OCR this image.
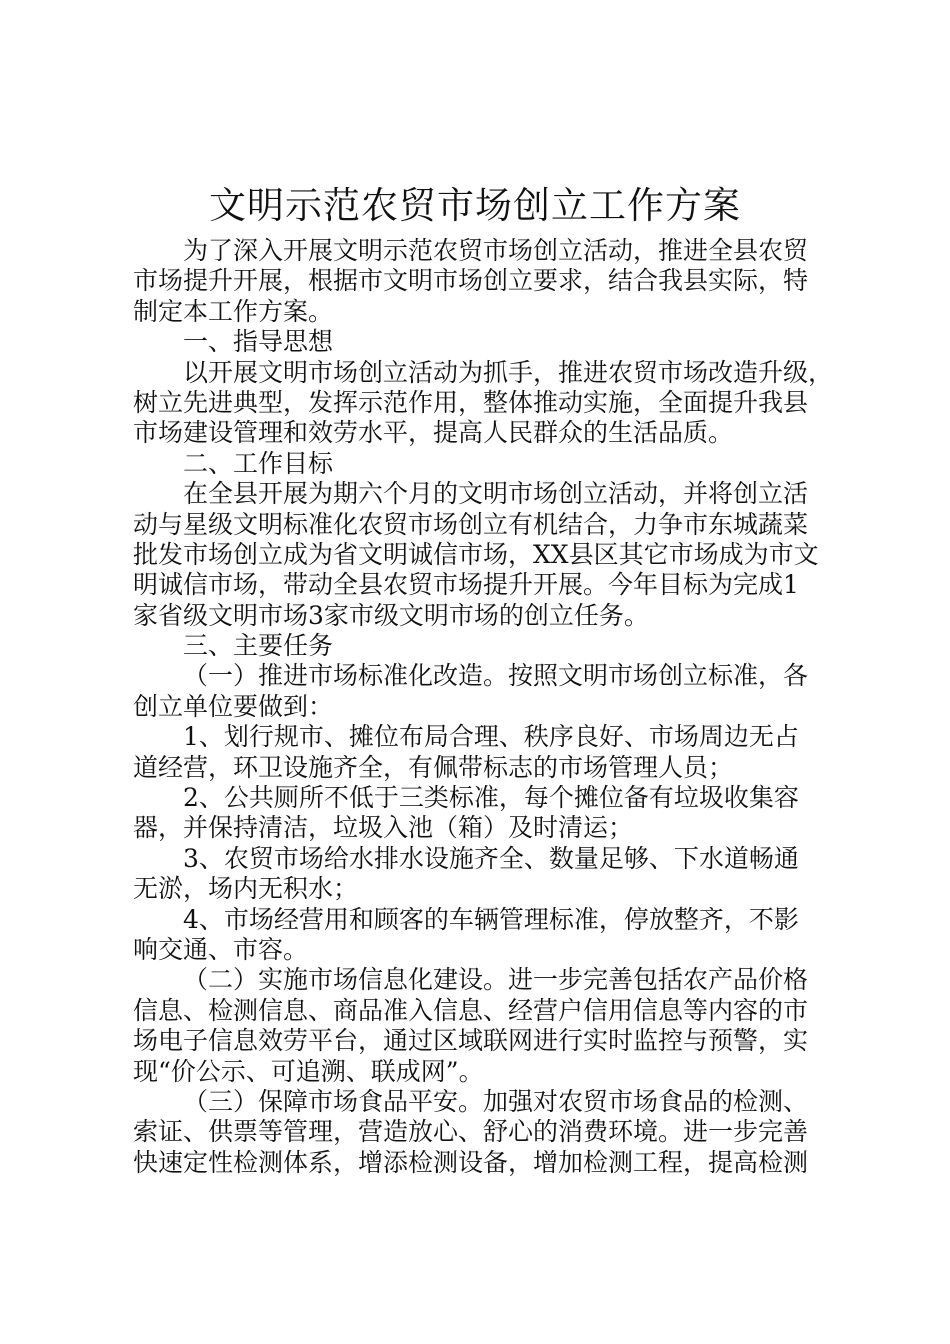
文明示范农贸市场创立工作方案
为了深入开展文明示范农贸市场创立活动，推进全县农贸
市场提升开展，根据市文明市场创立要求，结合我县实际，特
制定本工作方案。
一、指导思想
以开展文明市场创立活动为抓手，推进农贸市场改造升级，
树立先进典型，发挥示范作用，整体推动实施，全面提升我县
市场建设管理和效劳水平，提高人民群众的生活品质。
二、工作目标
在全县开展为期六个月的文明市场创立活动，并将创立活
动与星级文明标准化农贸市场创立有机结合，力争市东城蔬菜
批发市场创立成为省文明诚信市场，XX县区其它市场成为市文
明诚信市场，带动全县农贸市场提升开展。今年目标为完成1
家省级文明市场3家市级文明市场的创立任务。
三、主要任务
（一）推进市场标准化改造。按照文明市场创立标准，各
创立单位要做到：
1、划行规市、摊位布局合理、秩序良好、市场周边无占
道经营，环卫设施齐全，有佩带标志的市场管理人员；
2、公共厕所不低于三类标准，每个摊位备有垃圾收集容
器，并保持清洁，垃圾入池（箱）及时清运；
3、农贸市场给水排水设施齐全、数量足够、下水道畅通
无淤，场内无积水；
4、市场经营用和顾客的车辆管理标准，停放整齐，不影
响交通、市容。
（二）实施市场信息化建设。进一步完善包括农产品价格
信息、检测信息、商品准入信息、经营户信用信息等内容的市
场电子信息效劳平台，通过区域联网进行实时监控与预警，实
现“价公示、可追溯、联成网”。
（三）保障市场食品平安。加强对农贸市场食品的检测、
索证、供票等管理，营造放心、舒心的消费环境。进一步完善
快速定性检测体系，增添检测设备，增加检测工程，提高检测
